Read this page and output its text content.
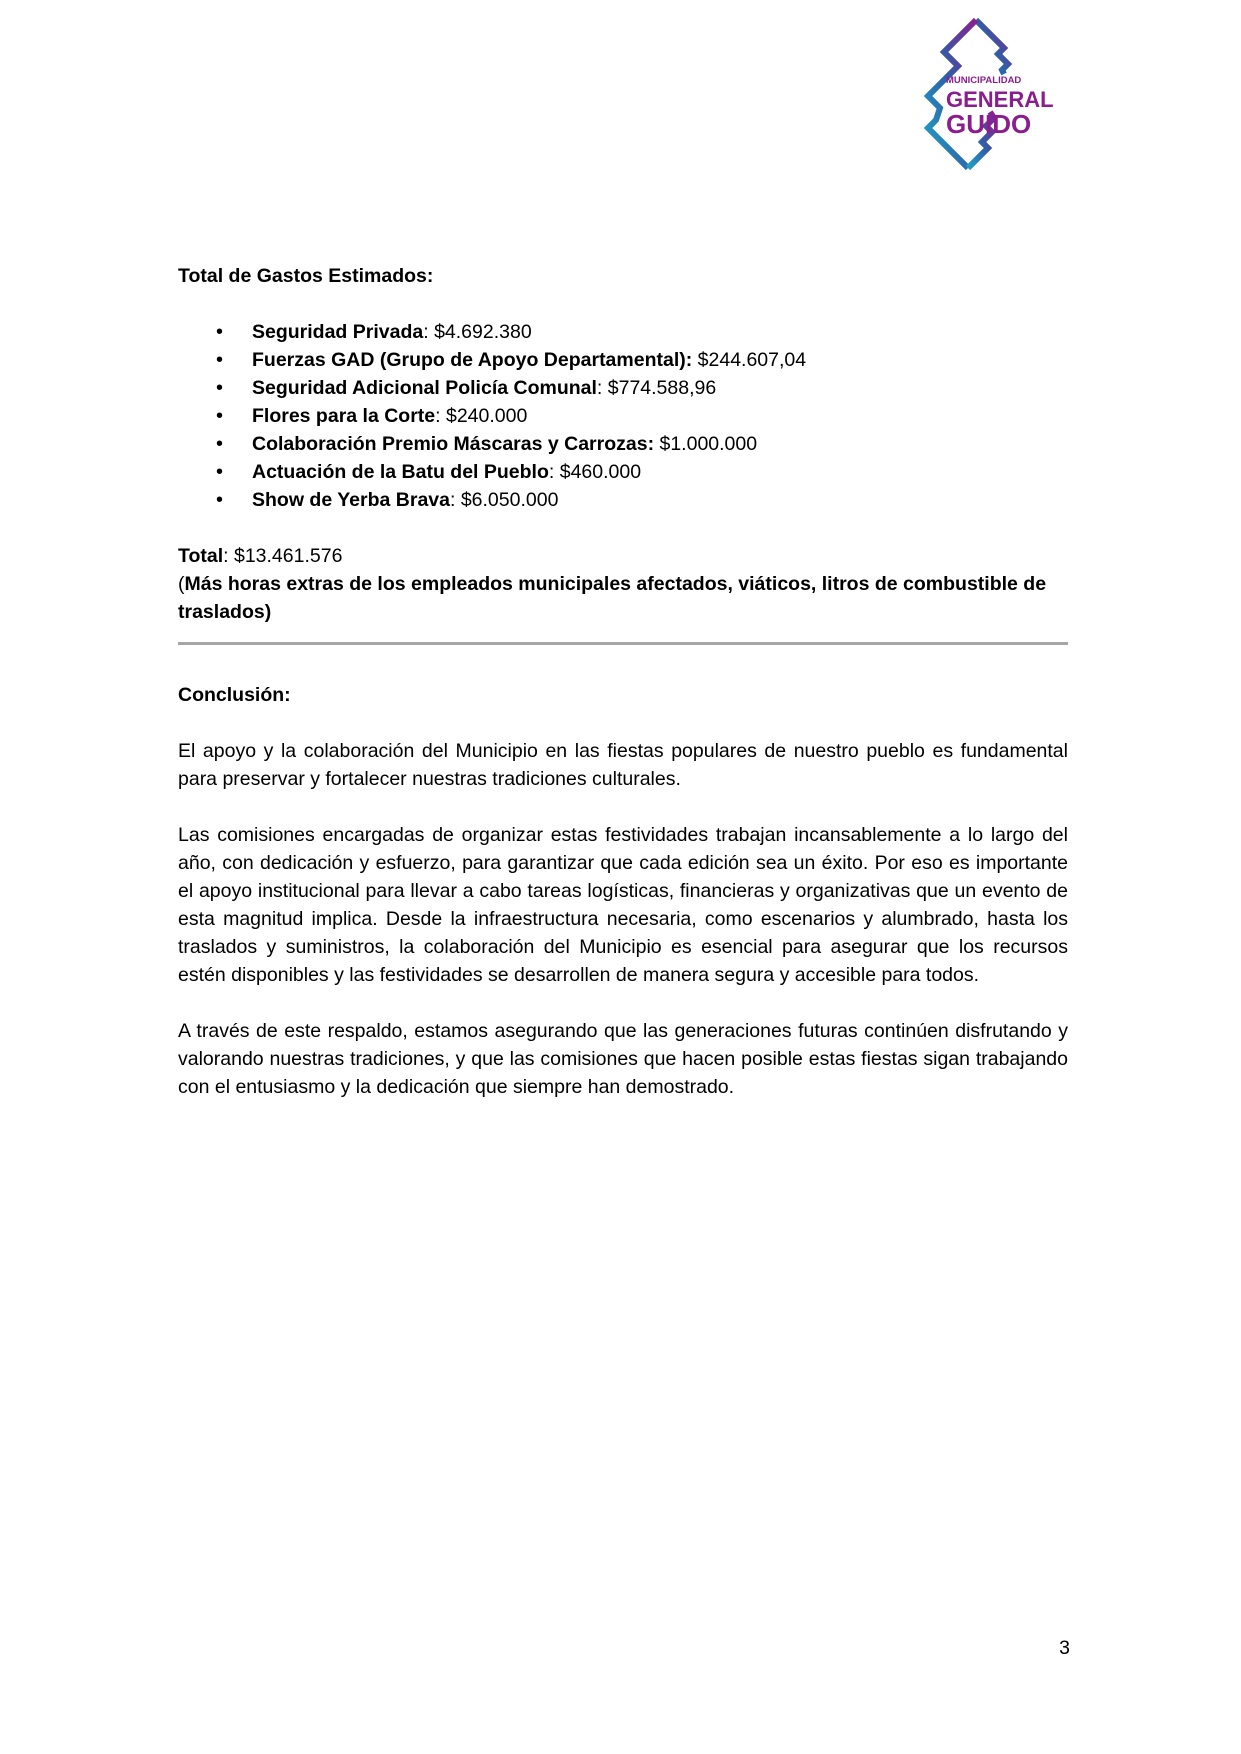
MUNICIPALIDAD
GENERAL
GUIDO

Total de Gastos Estimados:

• Seguridad Privada: $4.692.380
• Fuerzas GAD (Grupo de Apoyo Departamental): $244.607,04
• Seguridad Adicional Policía Comunal: $774.588,96
• Flores para la Corte: $240.000
• Colaboración Premio Máscaras y Carrozas: $1.000.000
• Actuación de la Batu del Pueblo: $460.000
• Show de Yerba Brava: $6.050.000
Total: $13.461.576
(Más horas extras de los empleados municipales afectados, viáticos, litros de combustible de traslados)

Conclusión:

El apoyo y la colaboración del Municipio en las fiestas populares de nuestro pueblo es fundamental para preservar y fortalecer nuestras tradiciones culturales.

Las comisiones encargadas de organizar estas festividades trabajan incansablemente a lo largo del año, con dedicación y esfuerzo, para garantizar que cada edición sea un éxito. Por eso es importante el apoyo institucional para llevar a cabo tareas logísticas, financieras y organizativas que un evento de esta magnitud implica. Desde la infraestructura necesaria, como escenarios y alumbrado, hasta los traslados y suministros, la colaboración del Municipio es esencial para asegurar que los recursos estén disponibles y las festividades se desarrollen de manera segura y accesible para todos.

A través de este respaldo, estamos asegurando que las generaciones futuras continúen disfrutando y valorando nuestras tradiciones, y que las comisiones que hacen posible estas fiestas sigan trabajando con el entusiasmo y la dedicación que siempre han demostrado.

3
